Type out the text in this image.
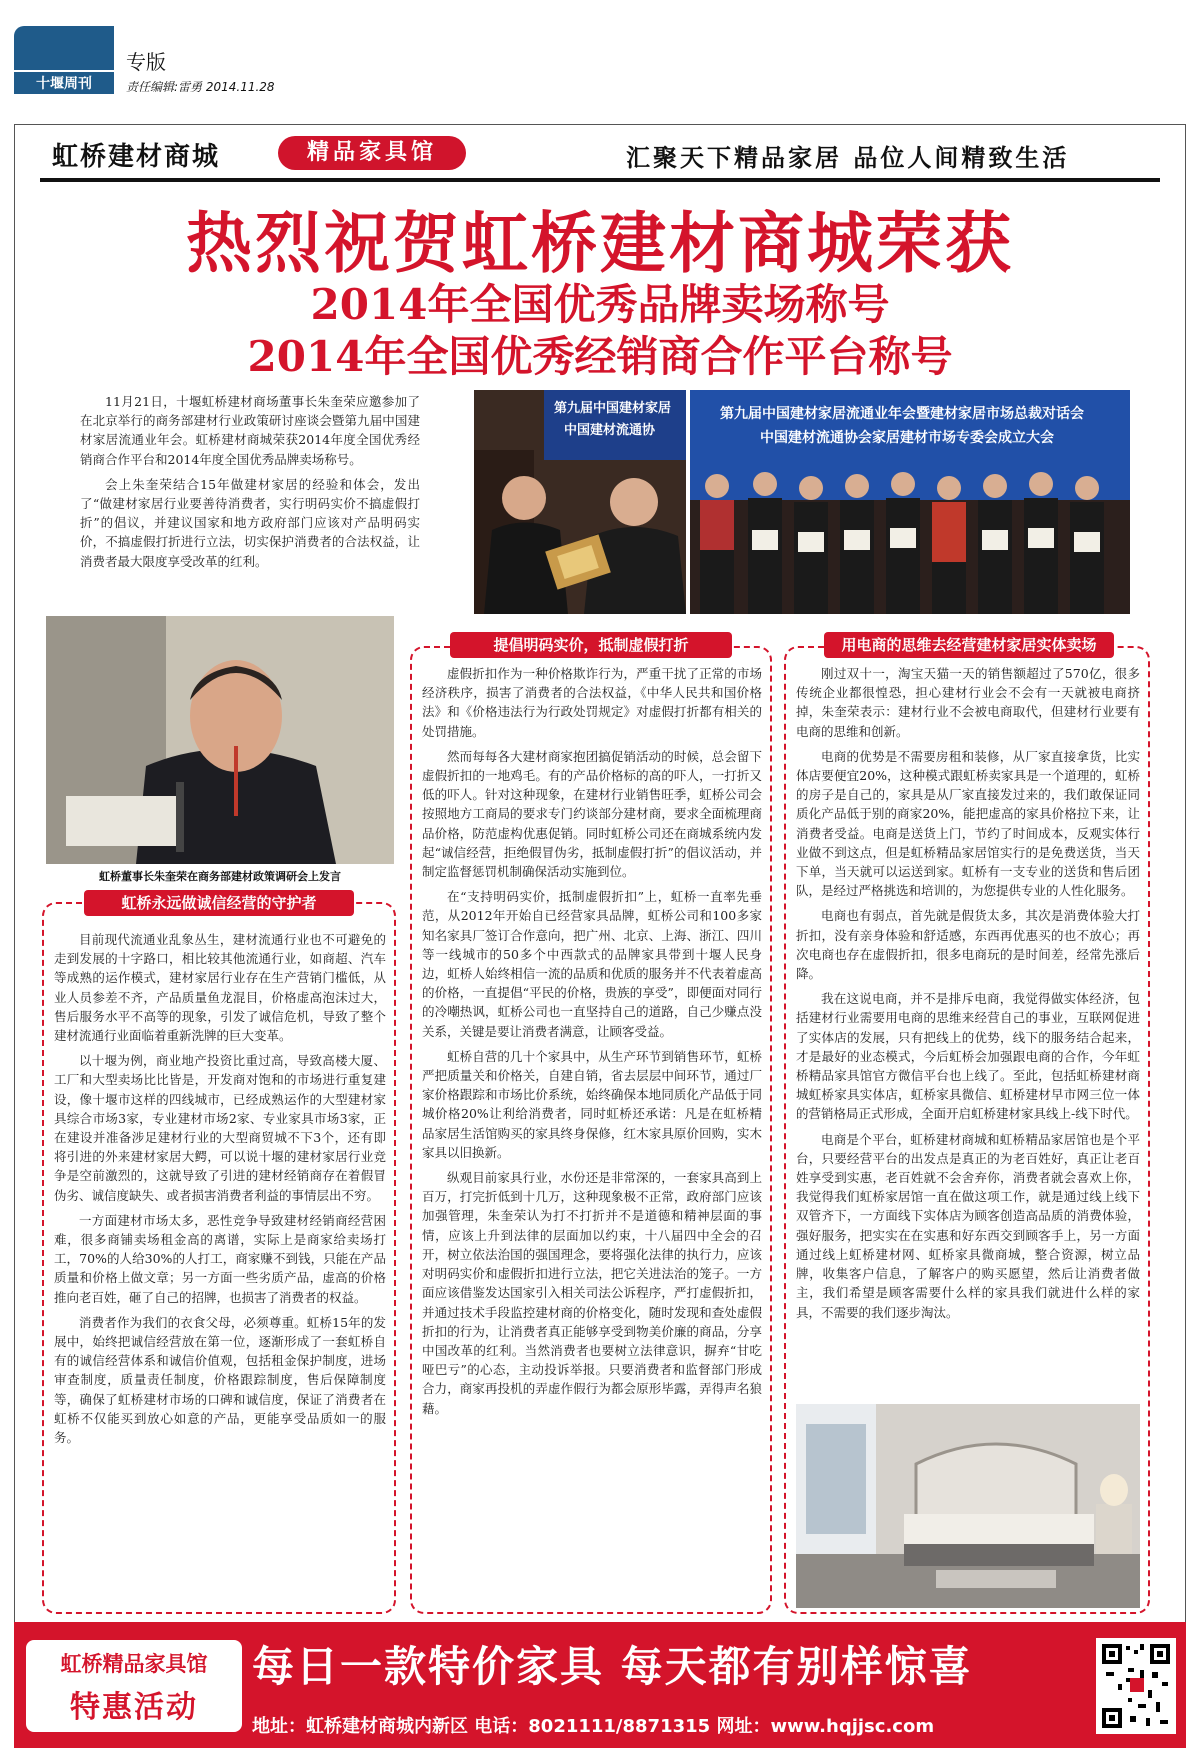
十堰周刊
专版
责任编辑:雷勇 2014.11.28
虹桥建材商城	精品家具馆	汇聚天下精品家居 品位人间精致生活
热烈祝贺虹桥建材商城荣获
2014年全国优秀品牌卖场称号
2014年全国优秀经销商合作平台称号

11月21日，十堰虹桥建材商场董事长朱奎荣应邀参加了在北京举行的商务部建材行业政策研讨座谈会暨第九届中国建材家居流通业年会。虹桥建材商城荣获2014年度全国优秀经销商合作平台和2014年度全国优秀品牌卖场称号。

会上朱奎荣结合15年做建材家居的经验和体会，发出了“做建材家居行业要善待消费者，实行明码实价不搞虚假打折”的倡议，并建议国家和地方政府部门应该对产品明码实价，不搞虚假打折进行立法，切实保护消费者的合法权益，让消费者最大限度享受改革的红利。

第九届中国建材家居
中国建材流通协
第九届中国建材家居流通业年会暨建材家居市场总裁对话会
中国建材流通协会家居建材市场专委会成立大会
虹桥董事长朱奎荣在商务部建材政策调研会上发言
虹桥永远做诚信经营的守护者

目前现代流通业乱象丛生，建材流通行业也不可避免的走到发展的十字路口，相比较其他流通行业，如商超、汽车等成熟的运作模式，建材家居行业存在生产营销门槛低，从业人员参差不齐，产品质量鱼龙混目，价格虚高泡沫过大，售后服务水平不高等的现象，引发了诚信危机，导致了整个建材流通行业面临着重新洗牌的巨大变革。

以十堰为例，商业地产投资比重过高，导致高楼大厦、工厂和大型卖场比比皆是，开发商对饱和的市场进行重复建设，像十堰市这样的四线城市，已经成熟运作的大型建材家具综合市场3家，专业建材市场2家、专业家具市场3家，正在建设并准备涉足建材行业的大型商贸城不下3个，还有即将引进的外来建材家居大鳄，可以说十堰的建材家居行业竞争是空前激烈的，这就导致了引进的建材经销商存在着假冒伪劣、诚信度缺失、或者损害消费者利益的事情层出不穷。

一方面建材市场太多，恶性竞争导致建材经销商经营困难，很多商铺卖场租金高的离谱，实际上是商家给卖场打工，70%的人给30%的人打工，商家赚不到钱，只能在产品质量和价格上做文章；另一方面一些劣质产品，虚高的价格推向老百姓，砸了自己的招牌，也损害了消费者的权益。

消费者作为我们的衣食父母，必须尊重。虹桥15年的发展中，始终把诚信经营放在第一位，逐渐形成了一套虹桥自有的诚信经营体系和诚信价值观，包括租金保护制度，进场审查制度，质量责任制度，价格跟踪制度，售后保障制度等，确保了虹桥建材市场的口碑和诚信度，保证了消费者在虹桥不仅能买到放心如意的产品，更能享受品质如一的服务。

提倡明码实价，抵制虚假打折

虚假折扣作为一种价格欺诈行为，严重干扰了正常的市场经济秩序，损害了消费者的合法权益，《中华人民共和国价格法》和《价格违法行为行政处罚规定》对虚假打折都有相关的处罚措施。

然而每每各大建材商家抱团搞促销活动的时候，总会留下虚假折扣的一地鸡毛。有的产品价格标的高的吓人，一打折又低的吓人。针对这种现象，在建材行业销售旺季，虹桥公司会按照地方工商局的要求专门约谈部分建材商，要求全面梳理商品价格，防范虚构优惠促销。同时虹桥公司还在商城系统内发起“诚信经营，拒绝假冒伪劣，抵制虚假打折”的倡议活动，并制定监督惩罚机制确保活动实施到位。

在“支持明码实价，抵制虚假折扣”上，虹桥一直率先垂范，从2012年开始自已经营家具品牌，虹桥公司和100多家知名家具厂签订合作意向，把广州、北京、上海、浙江、四川等一线城市的50多个中西款式的品牌家具带到十堰人民身边，虹桥人始终相信一流的品质和优质的服务并不代表着虚高的价格，一直提倡“平民的价格，贵族的享受”，即便面对同行的冷嘲热讽，虹桥公司也一直坚持自己的道路，自己少赚点没关系，关键是要让消费者满意，让顾客受益。

虹桥自营的几十个家具中，从生产环节到销售环节，虹桥严把质量关和价格关，自建自销，省去层层中间环节，通过厂家价格跟踪和市场比价系统，始终确保本地同质化产品低于同城价格20%让利给消费者，同时虹桥还承诺：凡是在虹桥精品家居生活馆购买的家具终身保修，红木家具原价回购，实木家具以旧换新。

纵观目前家具行业，水份还是非常深的，一套家具高到上百万，打完折低到十几万，这种现象极不正常，政府部门应该加强管理，朱奎荣认为打不打折并不是道德和精神层面的事情，应该上升到法律的层面加以约束，十八届四中全会的召开，树立依法治国的强国理念，要将强化法律的执行力，应该对明码实价和虚假折扣进行立法，把它关进法治的笼子。一方面应该借鉴发达国家引入相关司法公诉程序，严打虚假折扣，并通过技术手段监控建材商的价格变化，随时发现和查处虚假折扣的行为，让消费者真正能够享受到物美价廉的商品，分享中国改革的红利。当然消费者也要树立法律意识，摒弃“甘吃哑巴亏”的心态，主动投诉举报。只要消费者和监督部门形成合力，商家再投机的弄虚作假行为都会原形毕露，弄得声名狼藉。

用电商的思维去经营建材家居实体卖场

刚过双十一，淘宝天猫一天的销售额超过了570亿，很多传统企业都很惶恐，担心建材行业会不会有一天就被电商挤掉，朱奎荣表示：建材行业不会被电商取代，但建材行业要有电商的思维和创新。

电商的优势是不需要房租和装修，从厂家直接拿货，比实体店要便宜20%，这种模式跟虹桥卖家具是一个道理的，虹桥的房子是自己的，家具是从厂家直接发过来的，我们敢保证同质化产品低于别的商家20%，能把虚高的家具价格拉下来，让消费者受益。电商是送货上门，节约了时间成本，反观实体行业做不到这点，但是虹桥精品家居馆实行的是免费送货，当天下单，当天就可以运送到家。虹桥有一支专业的送货和售后团队，是经过严格挑选和培训的，为您提供专业的人性化服务。

电商也有弱点，首先就是假货太多，其次是消费体验大打折扣，没有亲身体验和舒适感，东西再优惠买的也不放心；再次电商也存在虚假折扣，很多电商玩的是时间差，经常先涨后降。

我在这说电商，并不是排斥电商，我觉得做实体经济，包括建材行业需要用电商的思维来经营自己的事业，互联网促进了实体店的发展，只有把线上的优势，线下的服务结合起来，才是最好的业态模式，今后虹桥会加强跟电商的合作，今年虹桥精品家具馆官方微信平台也上线了。至此，包括虹桥建材商城虹桥家具实体店，虹桥家具微信、虹桥建材早市网三位一体的营销格局正式形成，全面开启虹桥建材家具线上-线下时代。

电商是个平台，虹桥建材商城和虹桥精品家居馆也是个平台，只要经营平台的出发点是真正的为老百姓好，真正让老百姓享受到实惠，老百姓就不会舍弃你，消费者就会喜欢上你，我觉得我们虹桥家居馆一直在做这项工作，就是通过线上线下双管齐下，一方面线下实体店为顾客创造高品质的消费体验，强好服务，把实实在在实惠和好东西交到顾客手上，另一方面通过线上虹桥建材网、虹桥家具微商城，整合资源，树立品牌，收集客户信息，了解客户的购买愿望，然后让消费者做主，我们希望是顾客需要什么样的家具我们就进什么样的家具，不需要的我们逐步淘汰。

虹桥精品家具馆
特惠活动
每日一款特价家具 每天都有别样惊喜
地址：虹桥建材商城内新区 电话：8021111/8871315 网址：www.hqjjsc.com
